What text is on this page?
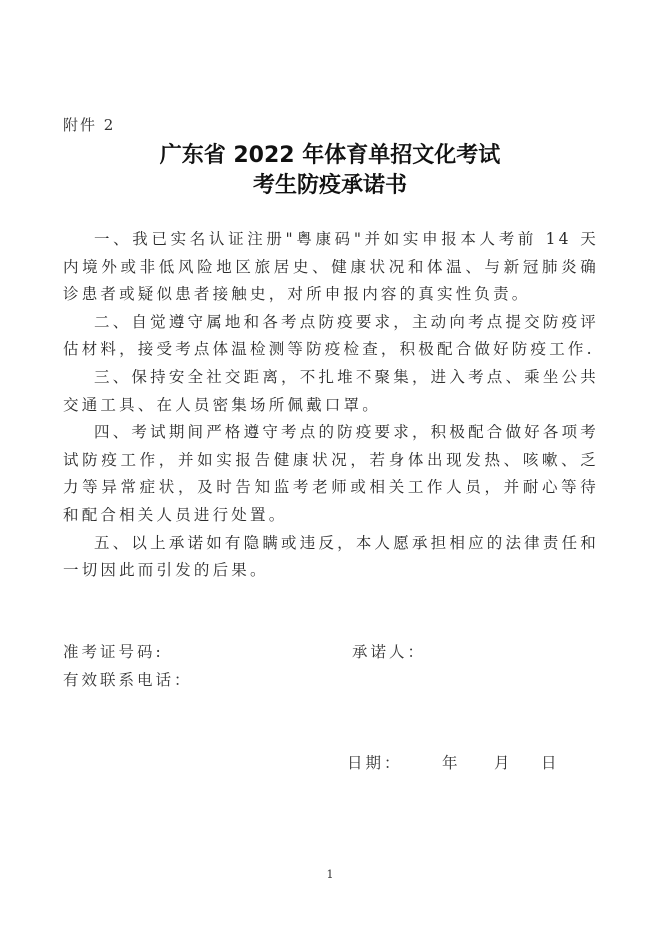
附件 2
广东省 2022 年体育单招文化考试
考生防疫承诺书

一、我已实名认证注册"粤康码"并如实申报本人考前 14 天内境外或非低风险地区旅居史、健康状况和体温、与新冠肺炎确诊患者或疑似患者接触史，对所申报内容的真实性负责。

二、自觉遵守属地和各考点防疫要求，主动向考点提交防疫评估材料，接受考点体温检测等防疫检查，积极配合做好防疫工作.

三、保持安全社交距离，不扎堆不聚集，进入考点、乘坐公共交通工具、在人员密集场所佩戴口罩。

四、考试期间严格遵守考点的防疫要求，积极配合做好各项考试防疫工作，并如实报告健康状况，若身体出现发热、咳嗽、乏力等异常症状，及时告知监考老师或相关工作人员，并耐心等待和配合相关人员进行处置。

五、以上承诺如有隐瞒或违反，本人愿承担相应的法律责任和一切因此而引发的后果。

准考证号码:	承诺人：
有效联系电话：
日期：	年 月 日
1
